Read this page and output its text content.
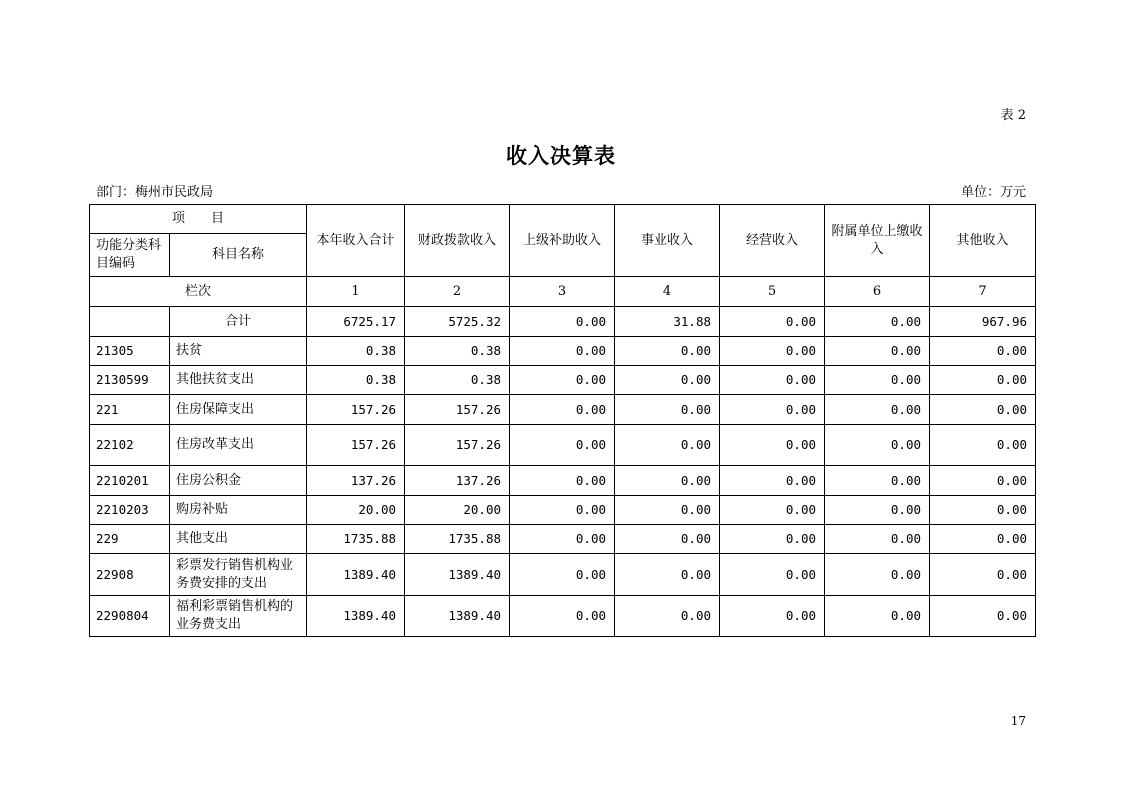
表 2
收入决算表
部门：梅州市民政局	单位：万元
项　　目		本年收入合计	财政拨款收入	上级补助收入	事业收入	经营收入	附属单位上缴收入	其他收入
功能分类科目编码	科目名称							
栏次		1	2	3	4	5	6	7
	合计	6725.17	5725.32	0.00	31.88	0.00	0.00	967.96
21305	扶贫	0.38	0.38	0.00	0.00	0.00	0.00	0.00
2130599	其他扶贫支出	0.38	0.38	0.00	0.00	0.00	0.00	0.00
221	住房保障支出	157.26	157.26	0.00	0.00	0.00	0.00	0.00
22102	住房改革支出	157.26	157.26	0.00	0.00	0.00	0.00	0.00
2210201	住房公积金	137.26	137.26	0.00	0.00	0.00	0.00	0.00
2210203	购房补贴	20.00	20.00	0.00	0.00	0.00	0.00	0.00
229	其他支出	1735.88	1735.88	0.00	0.00	0.00	0.00	0.00
22908	彩票发行销售机构业务费安排的支出	1389.40	1389.40	0.00	0.00	0.00	0.00	0.00
2290804	福利彩票销售机构的业务费支出	1389.40	1389.40	0.00	0.00	0.00	0.00	0.00
17
